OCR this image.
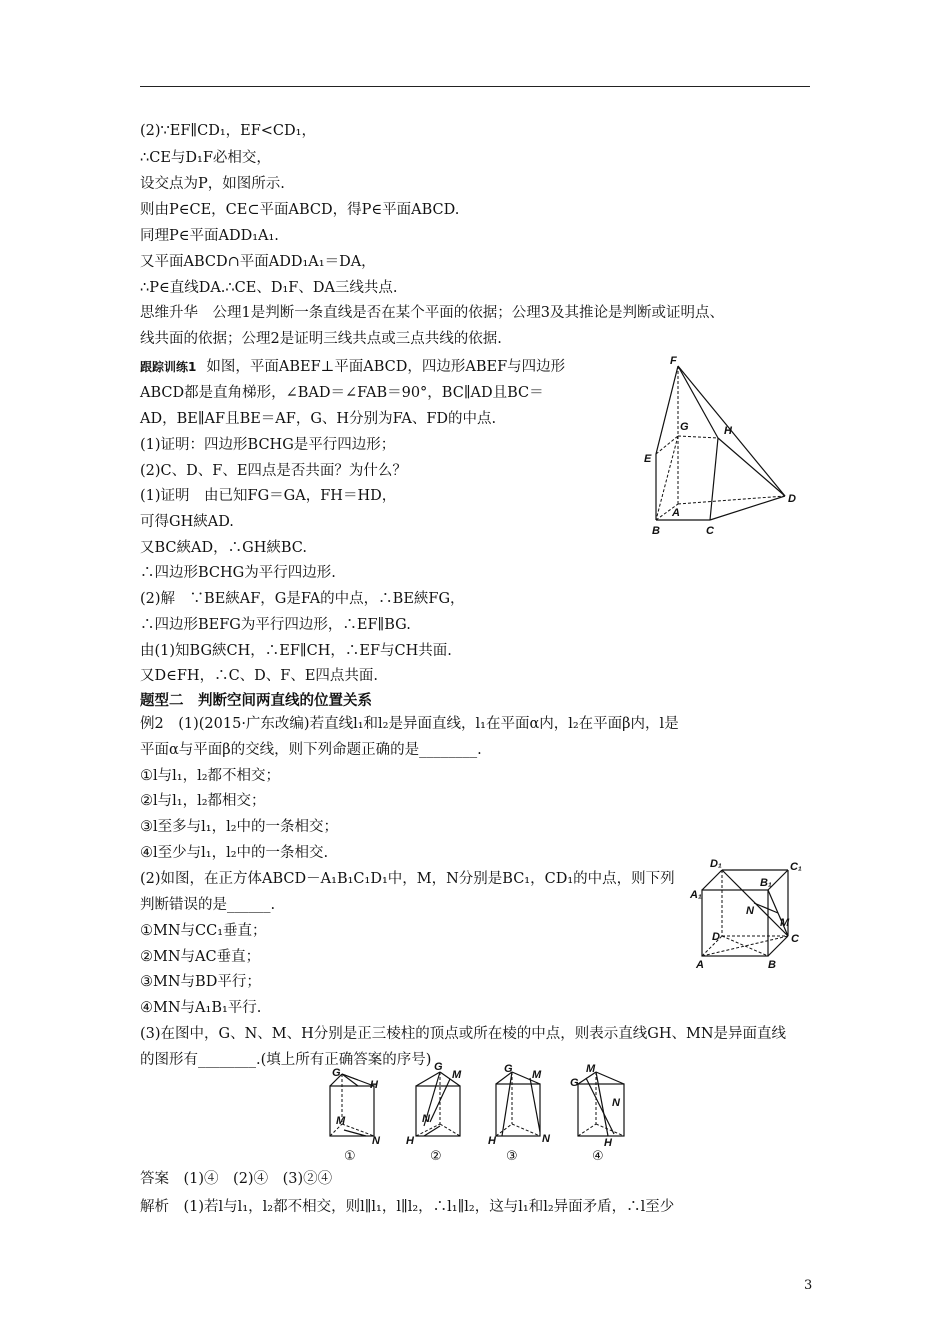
(2)∵EF∥CD₁，EF<CD₁，
∴CE与D₁F必相交，
设交点为P，如图所示.
则由P∈CE，CE⊂平面ABCD，得P∈平面ABCD.
同理P∈平面ADD₁A₁.
又平面ABCD∩平面ADD₁A₁＝DA，
∴P∈直线DA.∴CE、D₁F、DA三线共点.
思维升华　公理1是判断一条直线是否在某个平面的依据；公理3及其推论是判断或证明点、
线共面的依据；公理2是证明三线共点或三点共线的依据.
跟踪训练1 如图，平面ABEF⊥平面ABCD，四边形ABEF与四边形
ABCD都是直角梯形，∠BAD＝∠FAB＝90°，BC∥AD且BC＝
AD，BE∥AF且BE＝AF，G、H分别为FA、FD的中点.
(1)证明：四边形BCHG是平行四边形；
(2)C、D、F、E四点是否共面？为什么？
(1)证明　由已知FG＝GA，FH＝HD，
可得GH綊AD.
又BC綊AD，∴GH綊BC.
∴四边形BCHG为平行四边形.
(2)解　∵BE綊AF，G是FA的中点，∴BE綊FG，
∴四边形BEFG为平行四边形，∴EF∥BG.
由(1)知BG綊CH，∴EF∥CH，∴EF与CH共面.
又D∈FH，∴C、D、F、E四点共面.
F
G	H
E
A
B	C
D
题型二　判断空间两直线的位置关系
例2　(1)(2015·广东改编)若直线l₁和l₂是异面直线，l₁在平面α内，l₂在平面β内，l是
平面α与平面β的交线，则下列命题正确的是________.
①l与l₁，l₂都不相交；
②l与l₁，l₂都相交；
③l至多与l₁，l₂中的一条相交；
④l至少与l₁，l₂中的一条相交.
(2)如图，在正方体ABCD－A₁B₁C₁D₁中，M，N分别是BC₁，CD₁的中点，则下列
判断错误的是______.
①MN与CC₁垂直；
②MN与AC垂直；
③MN与BD平行；
④MN与A₁B₁平行.
D₁	C₁
A₁
B₁
N
M
D	C
A	B
(3)在图中，G、N、M、H分别是正三棱柱的顶点或所在棱的中点，则表示直线GH、MN是异面直线
的图形有________.(填上所有正确答案的序号)
G
H
M
N
①
G
M
N
H
②
G M
H	N
③
G
M
N
H
④
答案　(1)④　(2)④　(3)②④
解析　(1)若l与l₁，l₂都不相交，则l∥l₁，l∥l₂，∴l₁∥l₂，这与l₁和l₂异面矛盾，∴l至少
3
